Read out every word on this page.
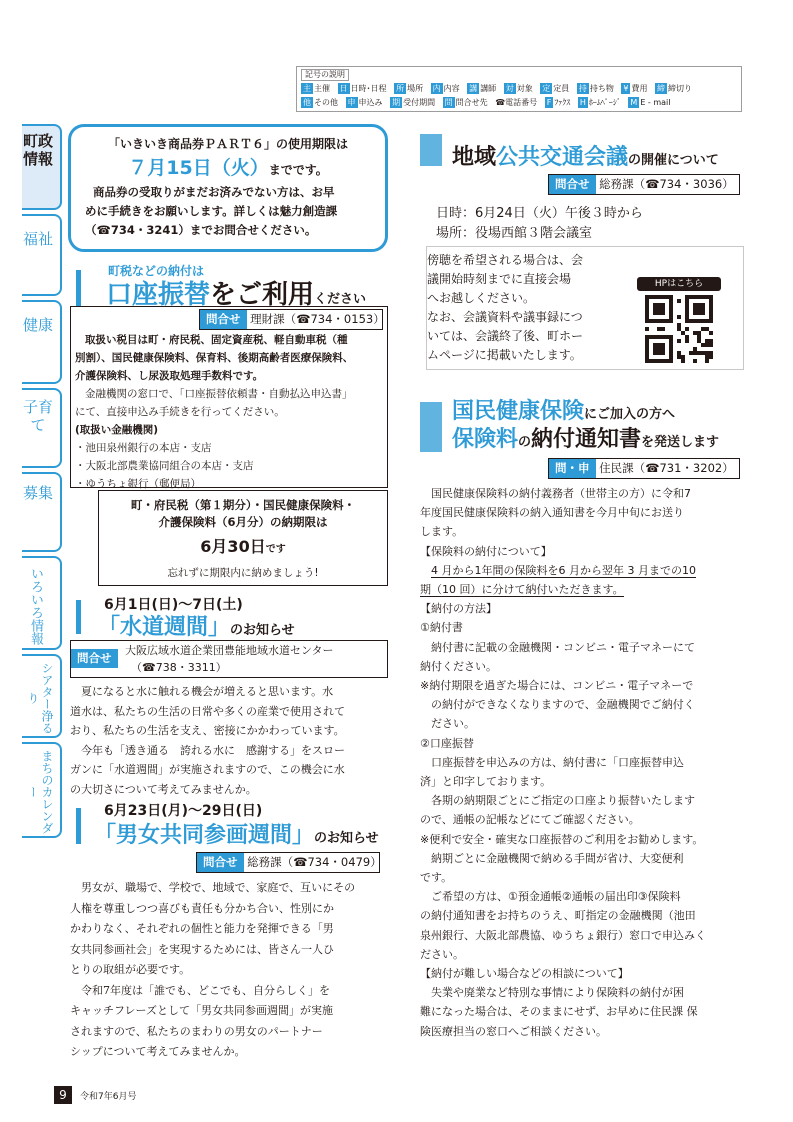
記号の説明
主 主催 日 日時･日程 所 場所 内 内容 講 講師 対 対象 定 定員 持 持ち物 ¥ 費用 締 締切り
他 その他 申 申込み 期 受付期間 問 問合せ先 ☎電話番号 F ﾌｧｸｽ H ﾎｰﾑﾍﾟｰｼﾞ M E - mail
町政情報
福祉
健康
子育て
募集
いろいろ情報
シアター浄るり
まちのカレンダー
「いきいき商品券ＰＡＲＴ６」の使用期限は
７月15日（火）までです。
商品券の受取りがまだお済みでない方は、お早
めに手続きをお願いします。詳しくは魅力創造課
（☎734・3241）までお問合せください。
町税などの納付は
口座振替をご利用ください
問合せ 理財課（☎734・0153）
取扱い税目は町・府民税、固定資産税、軽自動車税（種
別割）、国民健康保険料、保育料、後期高齢者医療保険料、
介護保険料、し尿汲取処理手数料です。
金融機関の窓口で、「口座振替依頼書・自動払込申込書」
にて、直接申込み手続きを行ってください。
(取扱い金融機関)
・池田泉州銀行の本店・支店
・大阪北部農業協同組合の本店・支店
・ゆうちょ銀行（郵便局）
町・府民税（第１期分）・国民健康保険料・
介護保険料（6月分）の納期限は
6月30日です
忘れずに期限内に納めましょう!
6月1日(日)～7日(土)
「水道週間」のお知らせ
問合せ
大阪広域水道企業団豊能地域水道センター
（☎738・3311）
夏になると水に触れる機会が増えると思います。水
道水は、私たちの生活の日常や多くの産業で使用されて
おり、私たちの生活を支え、密接にかかわっています。
今年も「透き通る　誇れる水に　感謝する」をスロー
ガンに「水道週間」が実施されますので、この機会に水
の大切さについて考えてみませんか。
6月23日(月)～29日(日)
「男女共同参画週間」のお知らせ
問合せ 総務課（☎734・0479）
男女が、職場で、学校で、地域で、家庭で、互いにその
人権を尊重しつつ喜びも責任も分かち合い、性別にか
かわりなく、それぞれの個性と能力を発揮できる「男
女共同参画社会」を実現するためには、皆さん一人ひ
とりの取組が必要です。
令和7年度は「誰でも、どこでも、自分らしく」を
キャッチフレーズとして「男女共同参画週間」が実施
されますので、私たちのまわりの男女のパートナー
シップについて考えてみませんか。
地域公共交通会議の開催について
問合せ 総務課（☎734・3036）
日時：6月24日（火）午後３時から
場所：役場西館３階会議室
傍聴を希望される場合は、会
議開始時刻までに直接会場
へお越しください。
なお、会議資料や議事録につ
いては、会議終了後、町ホー
ムページに掲載いたします。
HPはこちら
国民健康保険にご加入の方へ
保険料の納付通知書を発送します
問・申 住民課（☎731・3202）
国民健康保険料の納付義務者（世帯主の方）に令和7
年度国民健康保険料の納入通知書を今月中旬にお送り
します。
【保険料の納付について】
4 月から1年間の保険料を6 月から翌年 3 月までの10
期（10 回）に分けて納付いただきます。
【納付の方法】
①納付書
納付書に記載の金融機関・コンビニ・電子マネーにて
納付ください。
※納付期限を過ぎた場合には、コンビニ・電子マネーで
の納付ができなくなりますので、金融機関でご納付く
ださい。
②口座振替
口座振替を申込みの方は、納付書に「口座振替申込
済」と印字しております。
各期の納期限ごとにご指定の口座より振替いたします
ので、通帳の記帳などにてご確認ください。
※便利で安全・確実な口座振替のご利用をお勧めします。
納期ごとに金融機関で納める手間が省け、大変便利
です。
ご希望の方は、①預金通帳②通帳の届出印③保険料
の納付通知書をお持ちのうえ、町指定の金融機関（池田
泉州銀行、大阪北部農協、ゆうちょ銀行）窓口で申込みく
ださい。
【納付が難しい場合などの相談について】
失業や廃業など特別な事情により保険料の納付が困
難になった場合は、そのままにせず、お早めに住民課 保
険医療担当の窓口へご相談ください。
9	令和7年6月号
